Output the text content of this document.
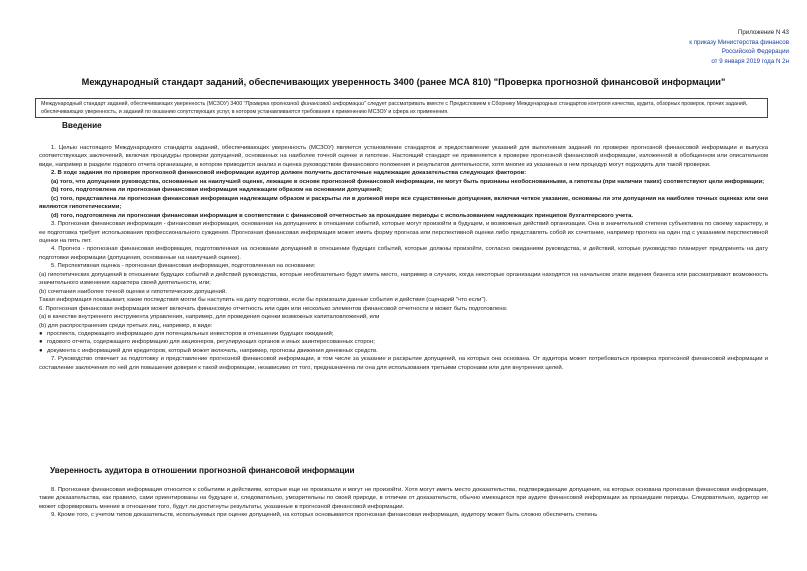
Приложение N 43
к приказу Министерства финансов
Российской Федерации
от 9 января 2019 года N 2н
Международный стандарт заданий, обеспечивающих уверенность 3400 (ранее МСА 810) "Проверка прогнозной финансовой информации"
Международный стандарт заданий, обеспечивающих уверенность (МСЗОУ) 3400 "Проверка прогнозной финансовой информации" следует рассматривать вместе с Предисловием к Сборнику Международных стандартов контроля качества, аудита, обзорных проверок, прочих заданий, обеспечивающих уверенность, и заданий по оказанию сопутствующих услуг, в котором устанавливаются требования к применению МСЗОУ и сфера их применения.
Введение

1. Целью настоящего Международного стандарта заданий, обеспечивающих уверенность (МСЗОУ) является установление стандартов и предоставление указаний для выполнения заданий по проверке прогнозной финансовой информации и выпуска соответствующих заключений, включая процедуры проверки допущений, основанных на наиболее точной оценке и гипотезе. Настоящий стандарт не применяется к проверке прогнозной финансовой информации, изложенной в обобщенном или описательном виде, например в разделе годового отчета организации, в котором приводится анализ и оценка руководством финансового положения и результатов деятельности, хотя многие из указанных в нем процедур могут подходить для такой проверки.

2. В ходе задания по проверке прогнозной финансовой информации аудитор должен получить достаточные надлежащие доказательства следующих факторов:

(a) того, что допущения руководства, основанные на наилучшей оценке, лежащие в основе прогнозной финансовой информации, не могут быть признаны необоснованными, а гипотезы (при наличии таких) соответствуют цели информации;

(b) того, подготовлена ли прогнозная финансовая информация надлежащим образом на основании допущений;

(c) того, представлена ли прогнозная финансовая информация надлежащим образом и раскрыты ли в должной мере все существенные допущения, включая четкое указание, основаны ли эти допущения на наиболее точных оценках или они являются гипотетическими;

(d) того, подготовлена ли прогнозная финансовая информация в соответствии с финансовой отчетностью за прошедшие периоды с использованием надлежащих принципов бухгалтерского учета.

3. Прогнозная финансовая информация - финансовая информация, основанная на допущениях в отношении событий, которые могут произойти в будущем, и возможных действий организации. Она в значительной степени субъективна по своему характеру, и ее подготовка требует использования профессионального суждения. Прогнозная финансовая информация может иметь форму прогноза или перспективной оценки либо представлять собой их сочетание, например прогноз на один год с указанием перспективной оценки на пять лет.

4. Прогноз - прогнозная финансовая информация, подготовленная на основании допущений в отношении будущих событий, которые должны произойти, согласно ожиданиям руководства, и действий, которые руководство планирует предпринять на дату подготовки информации (допущения, основанные на наилучшей оценке).

5. Перспективная оценка - прогнозная финансовая информация, подготовленная на основании:

(a) гипотетических допущений в отношении будущих событий и действий руководства, которые необязательно будут иметь место, например в случаях, когда некоторые организации находятся на начальном этапе ведения бизнеса или рассматривают возможность значительного изменения характера своей деятельности, или;

(b) сочетания наиболее точной оценки и гипотетических допущений.

Такая информация показывает, какие последствия могли бы наступить на дату подготовки, если бы произошли данные события и действия (сценарий "что если").

6. Прогнозная финансовая информация может включать финансовую отчетность или один или несколько элементов финансовой отчетности и может быть подготовлена:

(a) в качестве внутреннего инструмента управления, например, для проведения оценки возможных капиталовложений, или

(b) для распространения среди третьих лиц, например, в виде:

● проспекта, содержащего информацию для потенциальных инвесторов в отношении будущих ожиданий;
● годового отчета, содержащего информацию для акционеров, регулирующих органов и иных заинтересованных сторон;
● документа с информацией для кредиторов, который может включать, например, прогнозы движения денежных средств.

7. Руководство отвечает за подготовку и представление прогнозной финансовой информации, в том числе за указание и раскрытие допущений, на которых она основана. От аудитора может потребоваться проверка прогнозной финансовой информации и составление заключения по ней для повышения доверия к такой информации, независимо от того, предназначена ли она для использования третьими сторонами или для внутренних целей.

Уверенность аудитора в отношении прогнозной финансовой информации

8. Прогнозная финансовая информация относится к событиям и действиям, которые еще не произошли и могут не произойти. Хотя могут иметь место доказательства, подтверждающие допущения, на которых основана прогнозная финансовая информация, такие доказательства, как правило, сами ориентированы на будущее и, следовательно, умозрительны по своей природе, в отличие от доказательств, обычно имеющихся при аудите финансовой информации за прошедшие периоды. Следовательно, аудитор не может сформировать мнение в отношении того, будут ли достигнуты результаты, указанные в прогнозной финансовой информации.

9. Кроме того, с учетом типов доказательств, используемых при оценке допущений, на которых основывается прогнозная финансовая информация, аудитору может быть сложно обеспечить степень
